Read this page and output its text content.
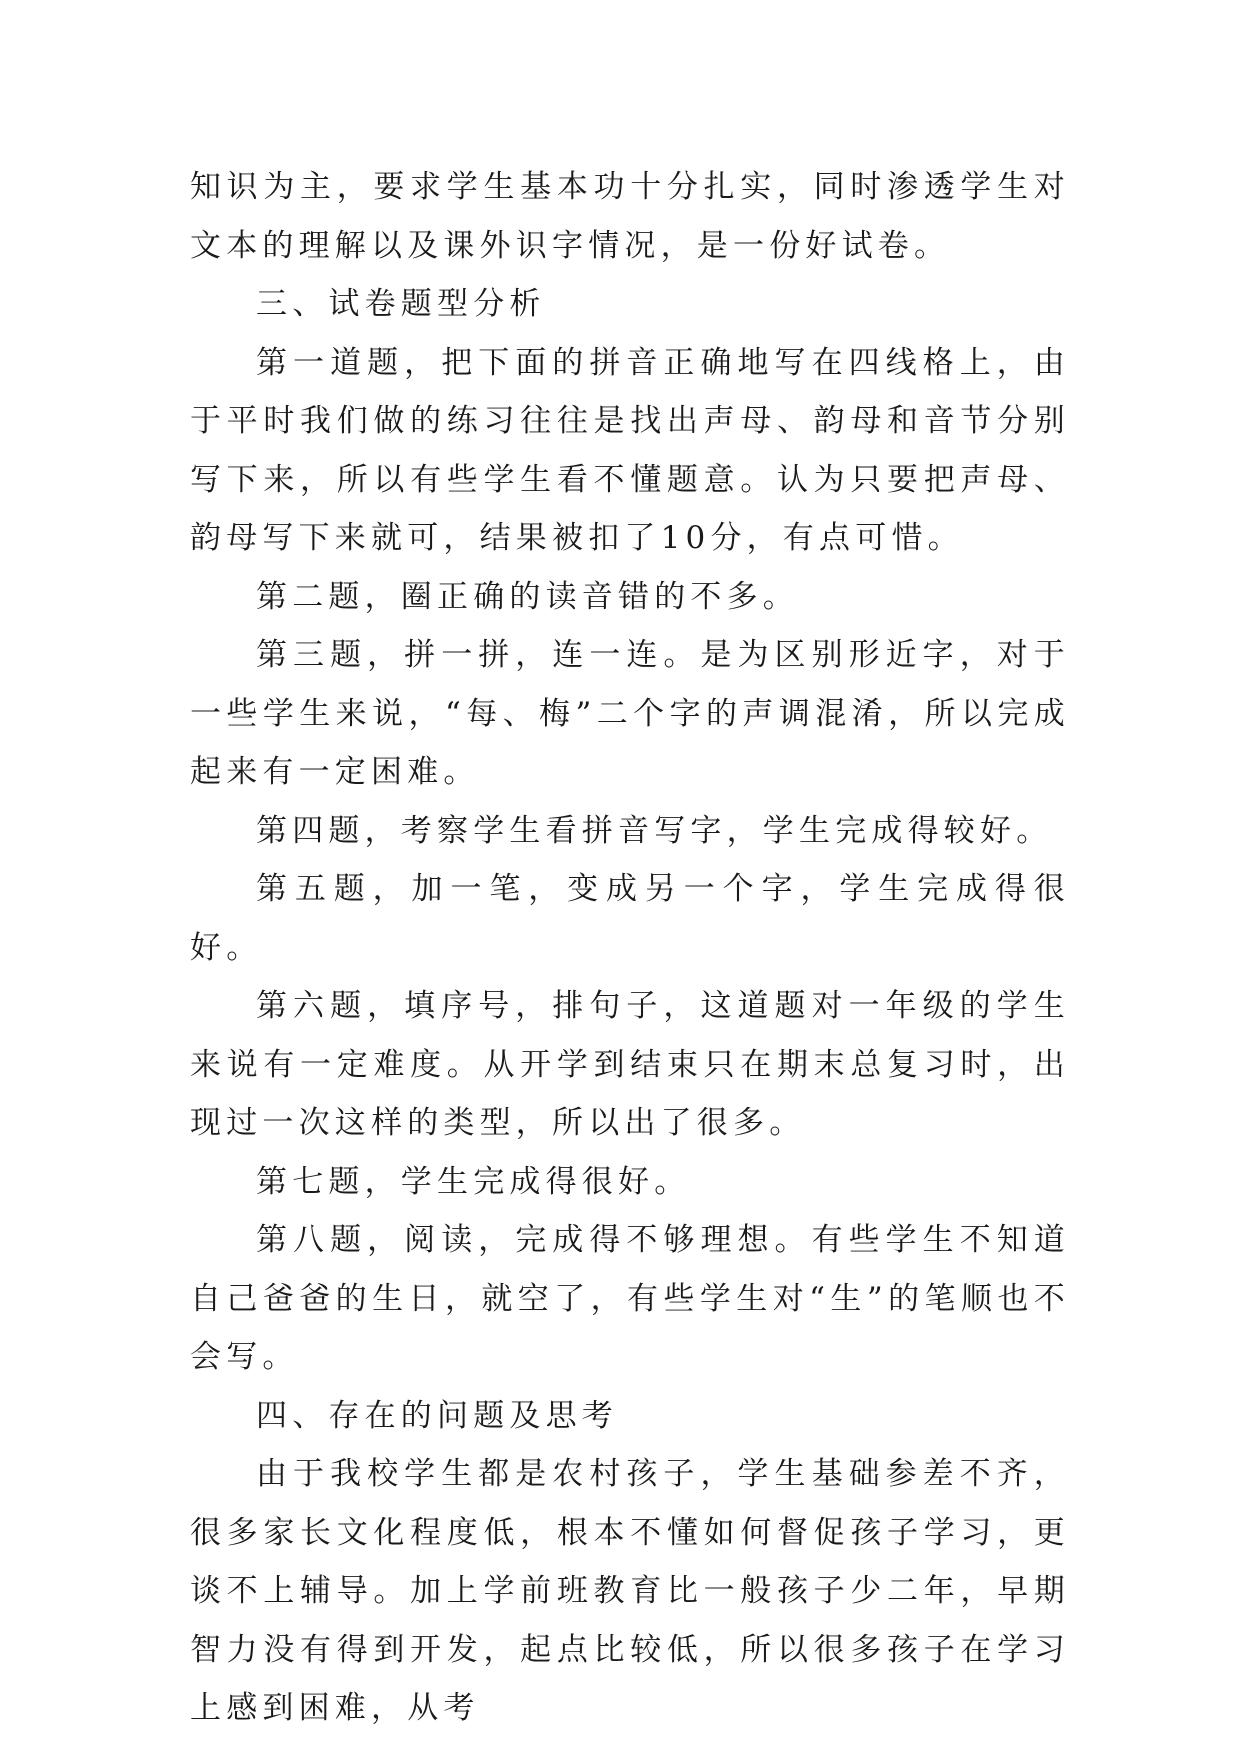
知识为主，要求学生基本功十分扎实，同时渗透学生对文本的理解以及课外识字情况，是一份好试卷。

三、试卷题型分析

第一道题，把下面的拼音正确地写在四线格上，由于平时我们做的练习往往是找出声母、韵母和音节分别写下来，所以有些学生看不懂题意。认为只要把声母、韵母写下来就可，结果被扣了10分，有点可惜。

第二题，圈正确的读音错的不多。

第三题，拼一拼，连一连。是为区别形近字，对于一些学生来说，“每、梅”二个字的声调混淆，所以完成起来有一定困难。

第四题，考察学生看拼音写字，学生完成得较好。

第五题，加一笔，变成另一个字，学生完成得很好。

第六题，填序号，排句子，这道题对一年级的学生来说有一定难度。从开学到结束只在期末总复习时，出现过一次这样的类型，所以出了很多。

第七题，学生完成得很好。

第八题，阅读，完成得不够理想。有些学生不知道自己爸爸的生日，就空了，有些学生对“生”的笔顺也不会写。

四、存在的问题及思考

由于我校学生都是农村孩子，学生基础参差不齐，很多家长文化程度低，根本不懂如何督促孩子学习，更谈不上辅导。加上学前班教育比一般孩子少二年，早期智力没有得到开发，起点比较低，所以很多孩子在学习上感到困难，从考
